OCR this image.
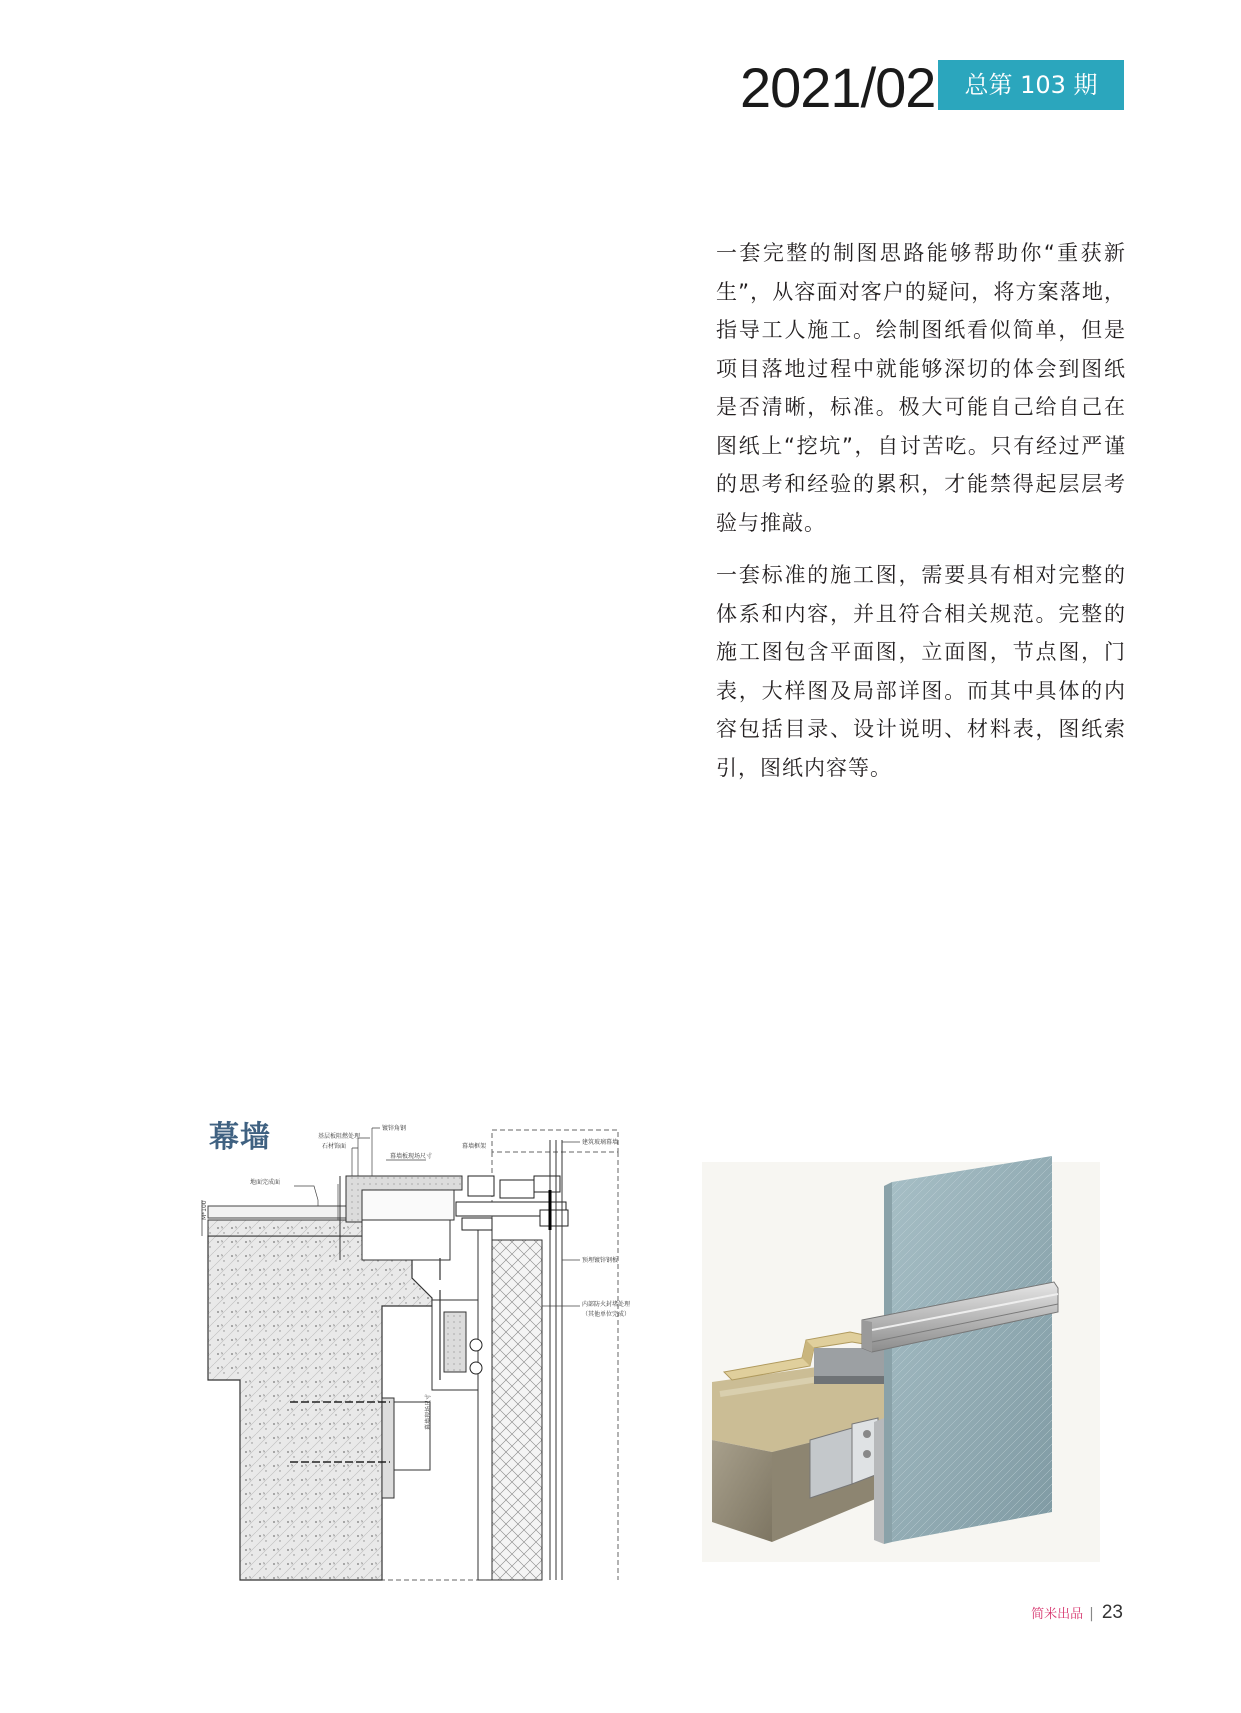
2021/02	总第 103 期

一套完整的制图思路能够帮助你“重获新生”，从容面对客户的疑问，将方案落地，指导工人施工。绘制图纸看似简单，但是项目落地过程中就能够深切的体会到图纸是否清晰，标准。极大可能自己给自己在图纸上“挖坑”，自讨苦吃。只有经过严谨的思考和经验的累积，才能禁得起层层考验与推敲。

一套标准的施工图，需要具有相对完整的体系和内容，并且符合相关规范。完整的施工图包含平面图，立面图，节点图，门表，大样图及局部详图。而其中具体的内容包括目录、设计说明、材料表，图纸索引，图纸内容等。

幕墙
M*100
镀锌角钢
基层板阻燃处理
石材饰面
幕墙板现场尺寸
幕墙框架
建筑玻璃幕墙
地面完成面
预埋镀锌钢板
内部防火封堵处理
（其他单位完成）
幕墙现场尺寸
简米出品 | 23
